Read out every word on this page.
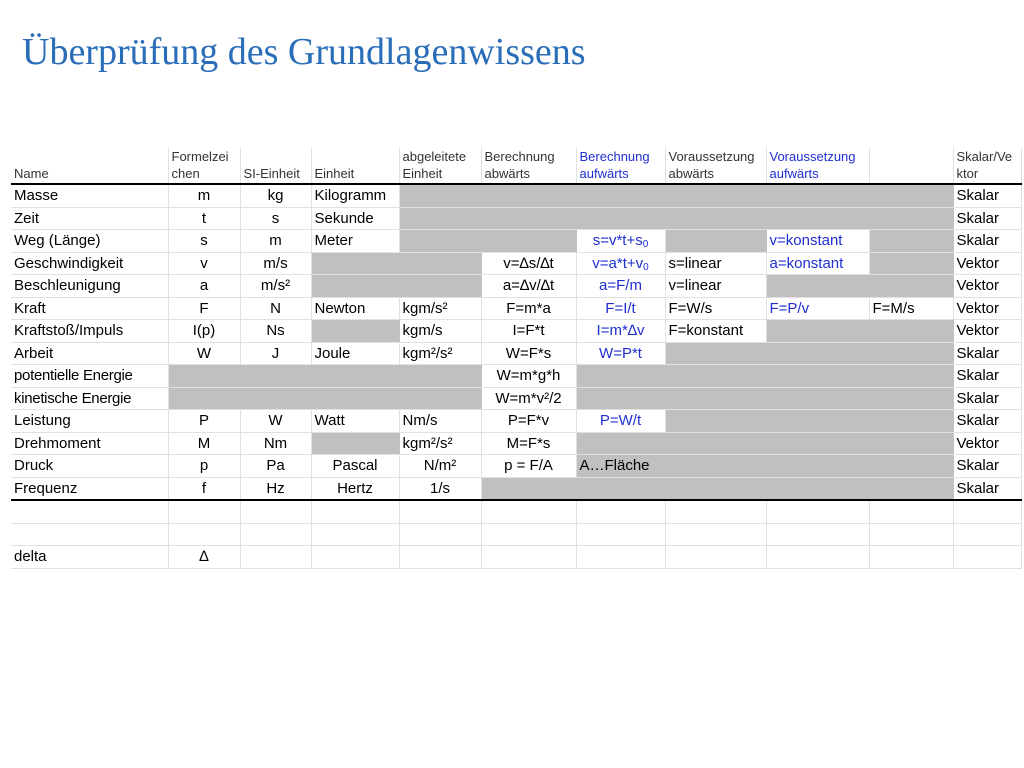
Überprüfung des Grundlagenwissens
Name	Formelzei chen	SI-Einheit	Einheit	abgeleitete Einheit	Berechnung abwärts	Berechnung aufwärts	Voraussetzung abwärts	Voraussetzung aufwärts		Skalar/Ve ktor
Masse	m	kg	Kilogramm							Skalar
Zeit	t	s	Sekunde							Skalar
Weg (Länge)	s	m	Meter			$s=v*t+s_0$		v=konstant		Skalar
Geschwindigkeit	v	m/s			v=∆s/∆t	$v=a*t+v_0$	s=linear	a=konstant		Vektor
Beschleunigung	a	m/s²			a=∆v/∆t	a=F/m	v=linear			Vektor
Kraft	F	N	Newton	kgm/s²	F=m*a	F=I/t	F=W/s	F=P/v	F=M/s	Vektor
Kraftstoß/Impuls	I(p)	Ns		kgm/s	I=F*t	I=m*∆v	F=konstant			Vektor
Arbeit	W	J	Joule	kgm²/s²	W=F*s	W=P*t				Skalar
potentielle Energie					W=m*g*h					Skalar
kinetische Energie					W=m*v²/2					Skalar
Leistung	P	W	Watt	Nm/s	P=F*v	P=W/t				Skalar
Drehmoment	M	Nm		kgm²/s²	M=F*s					Vektor
Druck	p	Pa	Pascal	N/m²	p = F/A	A…Fläche				Skalar
Frequenz	f	Hz	Hertz	1/s						Skalar

delta	∆									
